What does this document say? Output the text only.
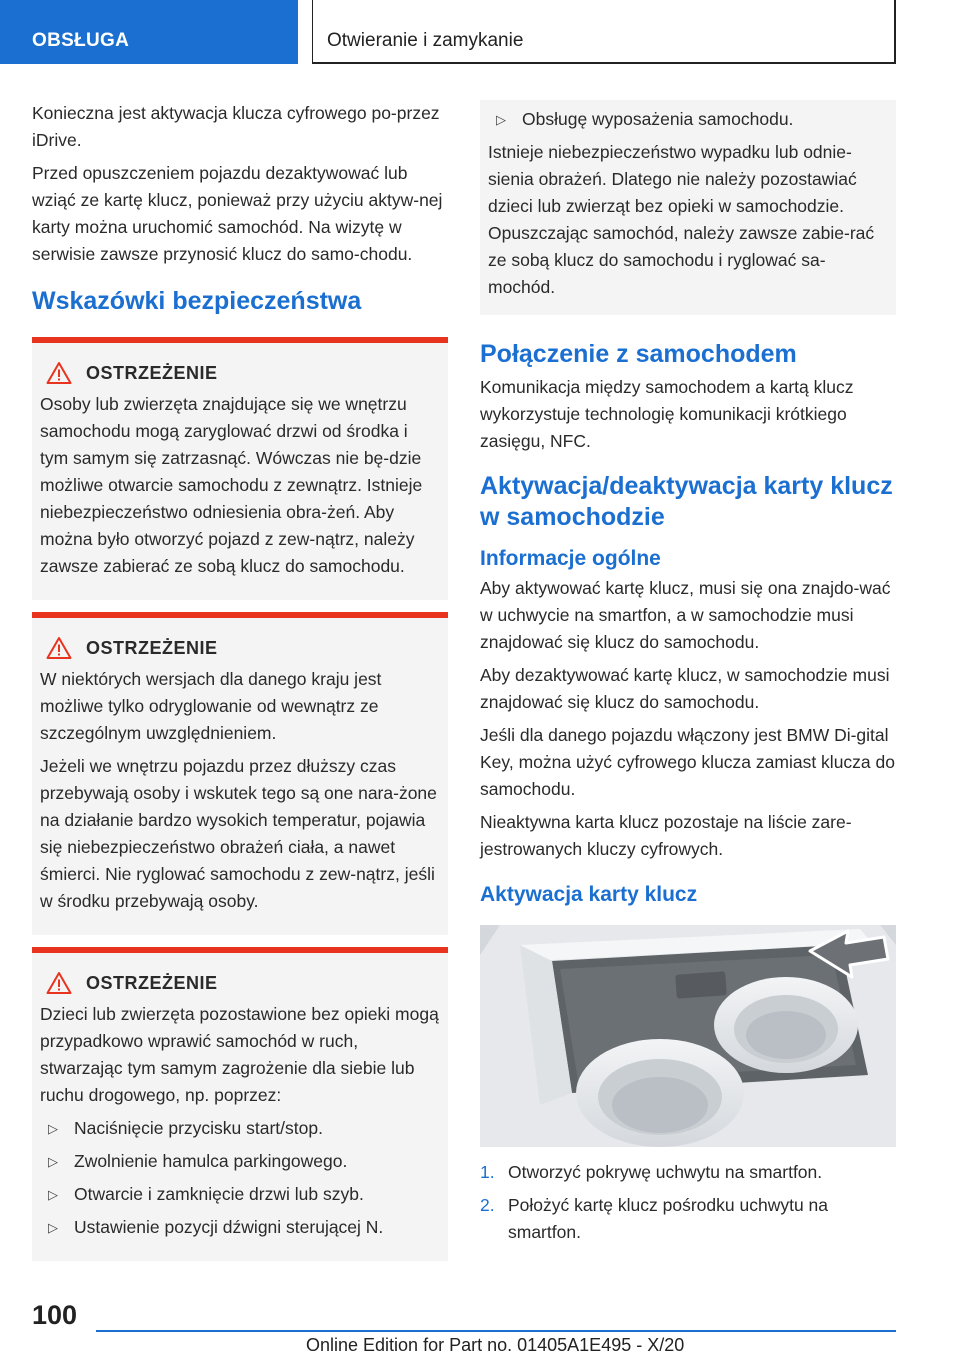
OBSŁUGA	Otwieranie i zamykanie

Konieczna jest aktywacja klucza cyfrowego po-przez iDrive.

Przed opuszczeniem pojazdu dezaktywować lub wziąć ze kartę klucz, ponieważ przy użyciu aktyw-nej karty można uruchomić samochód. Na wizytę w serwisie zawsze przynosić klucz do samo-chodu.

Wskazówki bezpieczeństwa
OSTRZEŻENIE

Osoby lub zwierzęta znajdujące się we wnętrzu samochodu mogą zaryglować drzwi od środka i tym samym się zatrzasnąć. Wówczas nie bę-dzie możliwe otwarcie samochodu z zewnątrz. Istnieje niebezpieczeństwo odniesienia obra-żeń. Aby można było otworzyć pojazd z zew-nątrz, należy zawsze zabierać ze sobą klucz do samochodu.

OSTRZEŻENIE

W niektórych wersjach dla danego kraju jest możliwe tylko odryglowanie od wewnątrz ze szczególnym uwzględnieniem.

Jeżeli we wnętrzu pojazdu przez dłuższy czas przebywają osoby i wskutek tego są one nara-żone na działanie bardzo wysokich temperatur, pojawia się niebezpieczeństwo obrażeń ciała, a nawet śmierci. Nie ryglować samochodu z zew-nątrz, jeśli w środku przebywają osoby.

OSTRZEŻENIE

Dzieci lub zwierzęta pozostawione bez opieki mogą przypadkowo wprawić samochód w ruch, stwarzając tym samym zagrożenie dla siebie lub ruchu drogowego, np. poprzez:

▷ Naciśnięcie przycisku start/stop.
▷ Zwolnienie hamulca parkingowego.
▷ Otwarcie i zamknięcie drzwi lub szyb.
▷ Ustawienie pozycji dźwigni sterującej N.
▷ Obsługę wyposażenia samochodu.

Istnieje niebezpieczeństwo wypadku lub odnie-sienia obrażeń. Dlatego nie należy pozostawiać dzieci lub zwierząt bez opieki w samochodzie. Opuszczając samochód, należy zawsze zabie-rać ze sobą klucz do samochodu i ryglować sa-mochód.

Połączenie z samochodem

Komunikacja między samochodem a kartą klucz wykorzystuje technologię komunikacji krótkiego zasięgu, NFC.

Aktywacja/deaktywacja karty klucz w samochodzie
Informacje ogólne

Aby aktywować kartę klucz, musi się ona znajdo-wać w uchwycie na smartfon, a w samochodzie musi znajdować się klucz do samochodu.

Aby dezaktywować kartę klucz, w samochodzie musi znajdować się klucz do samochodu.

Jeśli dla danego pojazdu włączony jest BMW Di-gital Key, można użyć cyfrowego klucza zamiast klucza do samochodu.

Nieaktywna karta klucz pozostaje na liście zare-jestrowanych kluczy cyfrowych.

Aktywacja karty klucz
1. Otworzyć pokrywę uchwytu na smartfon.
2. Położyć kartę klucz pośrodku uchwytu na smartfon.
100
Online Edition for Part no. 01405A1E495 - X/20
